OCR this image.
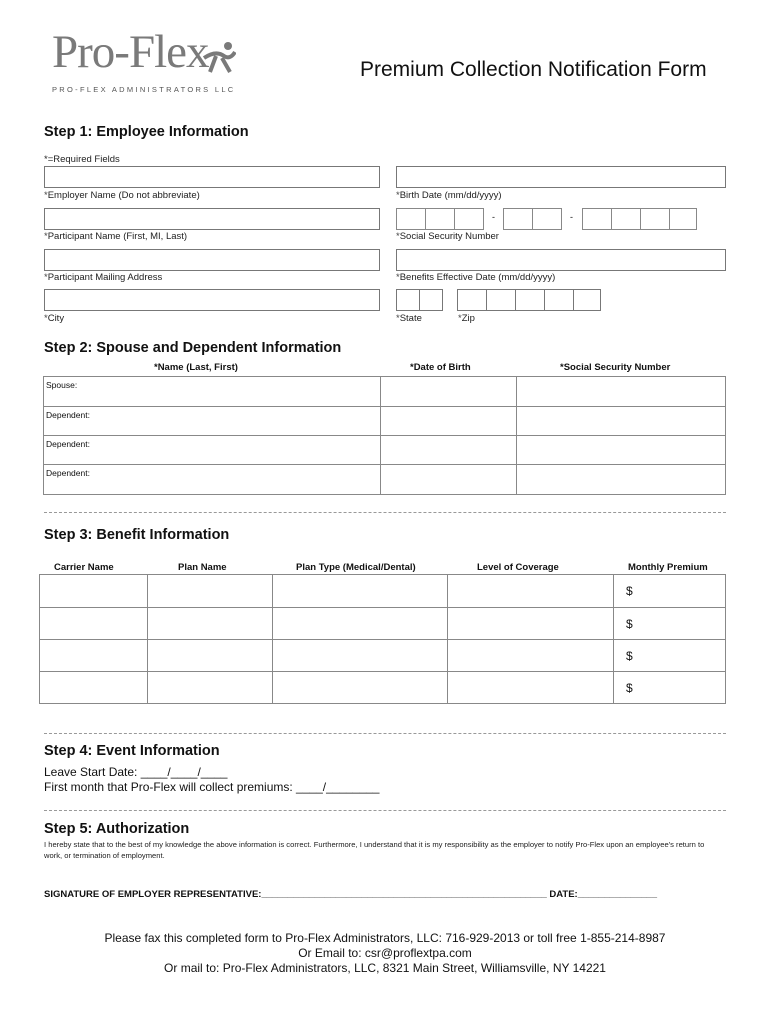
Pro-Flex
PRO-FLEX ADMINISTRATORS LLC
Premium Collection Notification Form
Step 1: Employee Information
*=Required Fields
*Employer Name (Do not abbreviate)	*Birth Date (mm/dd/yyyy)
-	-
*Participant Name (First, MI, Last)	*Social Security Number
*Participant Mailing Address	*Benefits Effective Date (mm/dd/yyyy)
*City	*State	*Zip
Step 2: Spouse and Dependent Information
*Name (Last, First)	*Date of Birth	*Social Security Number
Spouse:		
Dependent:		
Dependent:		
Dependent:		
Step 3: Benefit Information
Carrier Name	Plan Name	Plan Type (Medical/Dental)	Level of Coverage	Monthly Premium
				$
				$
				$
				$
Step 4: Event Information
Leave Start Date: ____/____/____
First month that Pro-Flex will collect premiums: ____/________
Step 5: Authorization
I hereby state that to the best of my knowledge the above information is correct. Furthermore, I understand that it is my responsibility as the employer to notify Pro-Flex upon an employee's return to work, or termination of employment.
SIGNATURE OF EMPLOYER REPRESENTATIVE:______________________________________________________ DATE:_______________
Please fax this completed form to Pro-Flex Administrators, LLC: 716-929-2013 or toll free 1-855-214-8987
Or Email to: csr@proflextpa.com
Or mail to: Pro-Flex Administrators, LLC, 8321 Main Street, Williamsville, NY 14221
